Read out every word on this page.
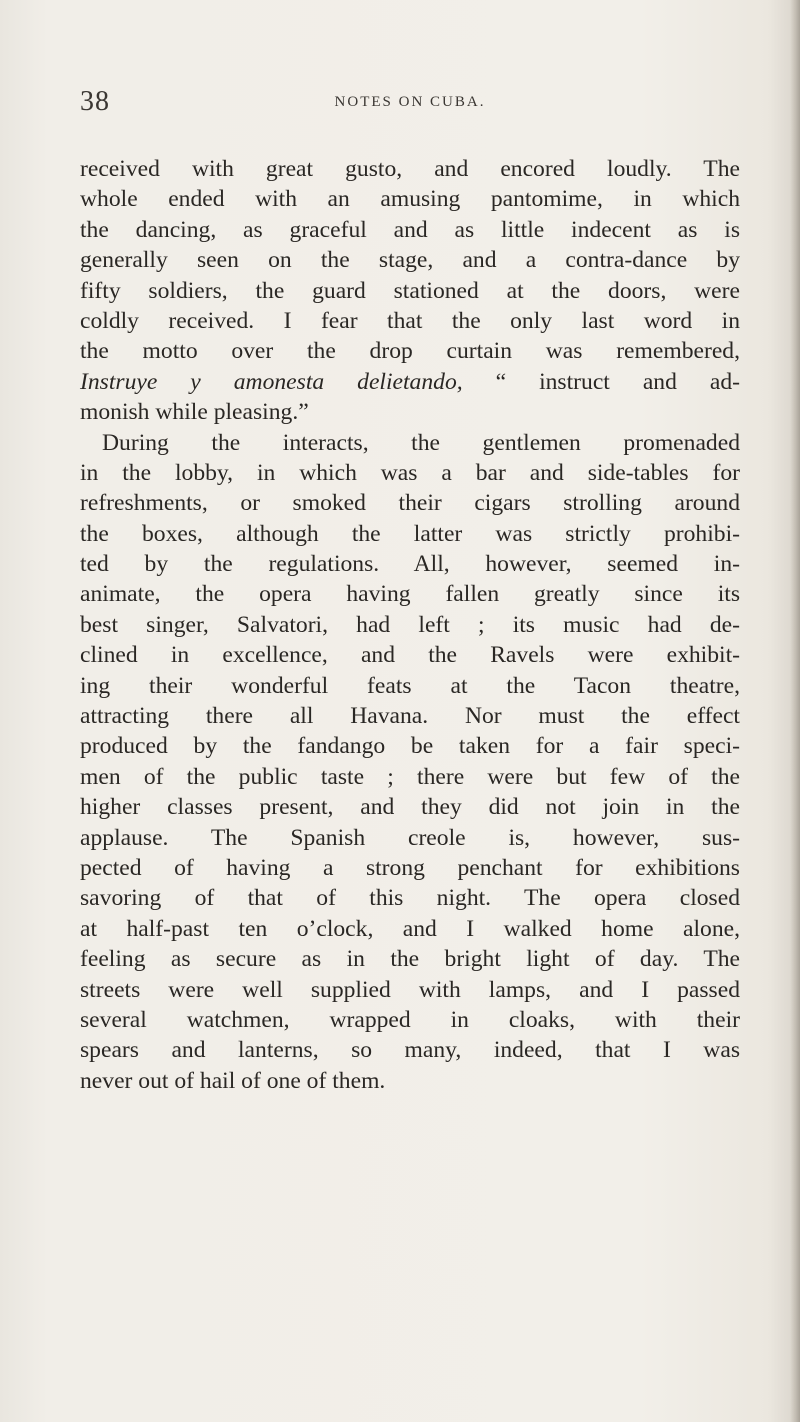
38	NOTES ON CUBA.
received with great gusto, and encored loudly. The
whole ended with an amusing pantomime, in which
the dancing, as graceful and as little indecent as is
generally seen on the stage, and a contra-dance by
fifty soldiers, the guard stationed at the doors, were
coldly received. I fear that the only last word in
the motto over the drop curtain was remembered,
Instruye y amonesta delietando, “ instruct and ad-
monish while pleasing.”
During the interacts, the gentlemen promenaded
in the lobby, in which was a bar and side-tables for
refreshments, or smoked their cigars strolling around
the boxes, although the latter was strictly prohibi-
ted by the regulations. All, however, seemed in-
animate, the opera having fallen greatly since its
best singer, Salvatori, had left ; its music had de-
clined in excellence, and the Ravels were exhibit-
ing their wonderful feats at the Tacon theatre,
attracting there all Havana. Nor must the effect
produced by the fandango be taken for a fair speci-
men of the public taste ; there were but few of the
higher classes present, and they did not join in the
applause. The Spanish creole is, however, sus-
pected of having a strong penchant for exhibitions
savoring of that of this night. The opera closed
at half-past ten o’clock, and I walked home alone,
feeling as secure as in the bright light of day. The
streets were well supplied with lamps, and I passed
several watchmen, wrapped in cloaks, with their
spears and lanterns, so many, indeed, that I was
never out of hail of one of them.
